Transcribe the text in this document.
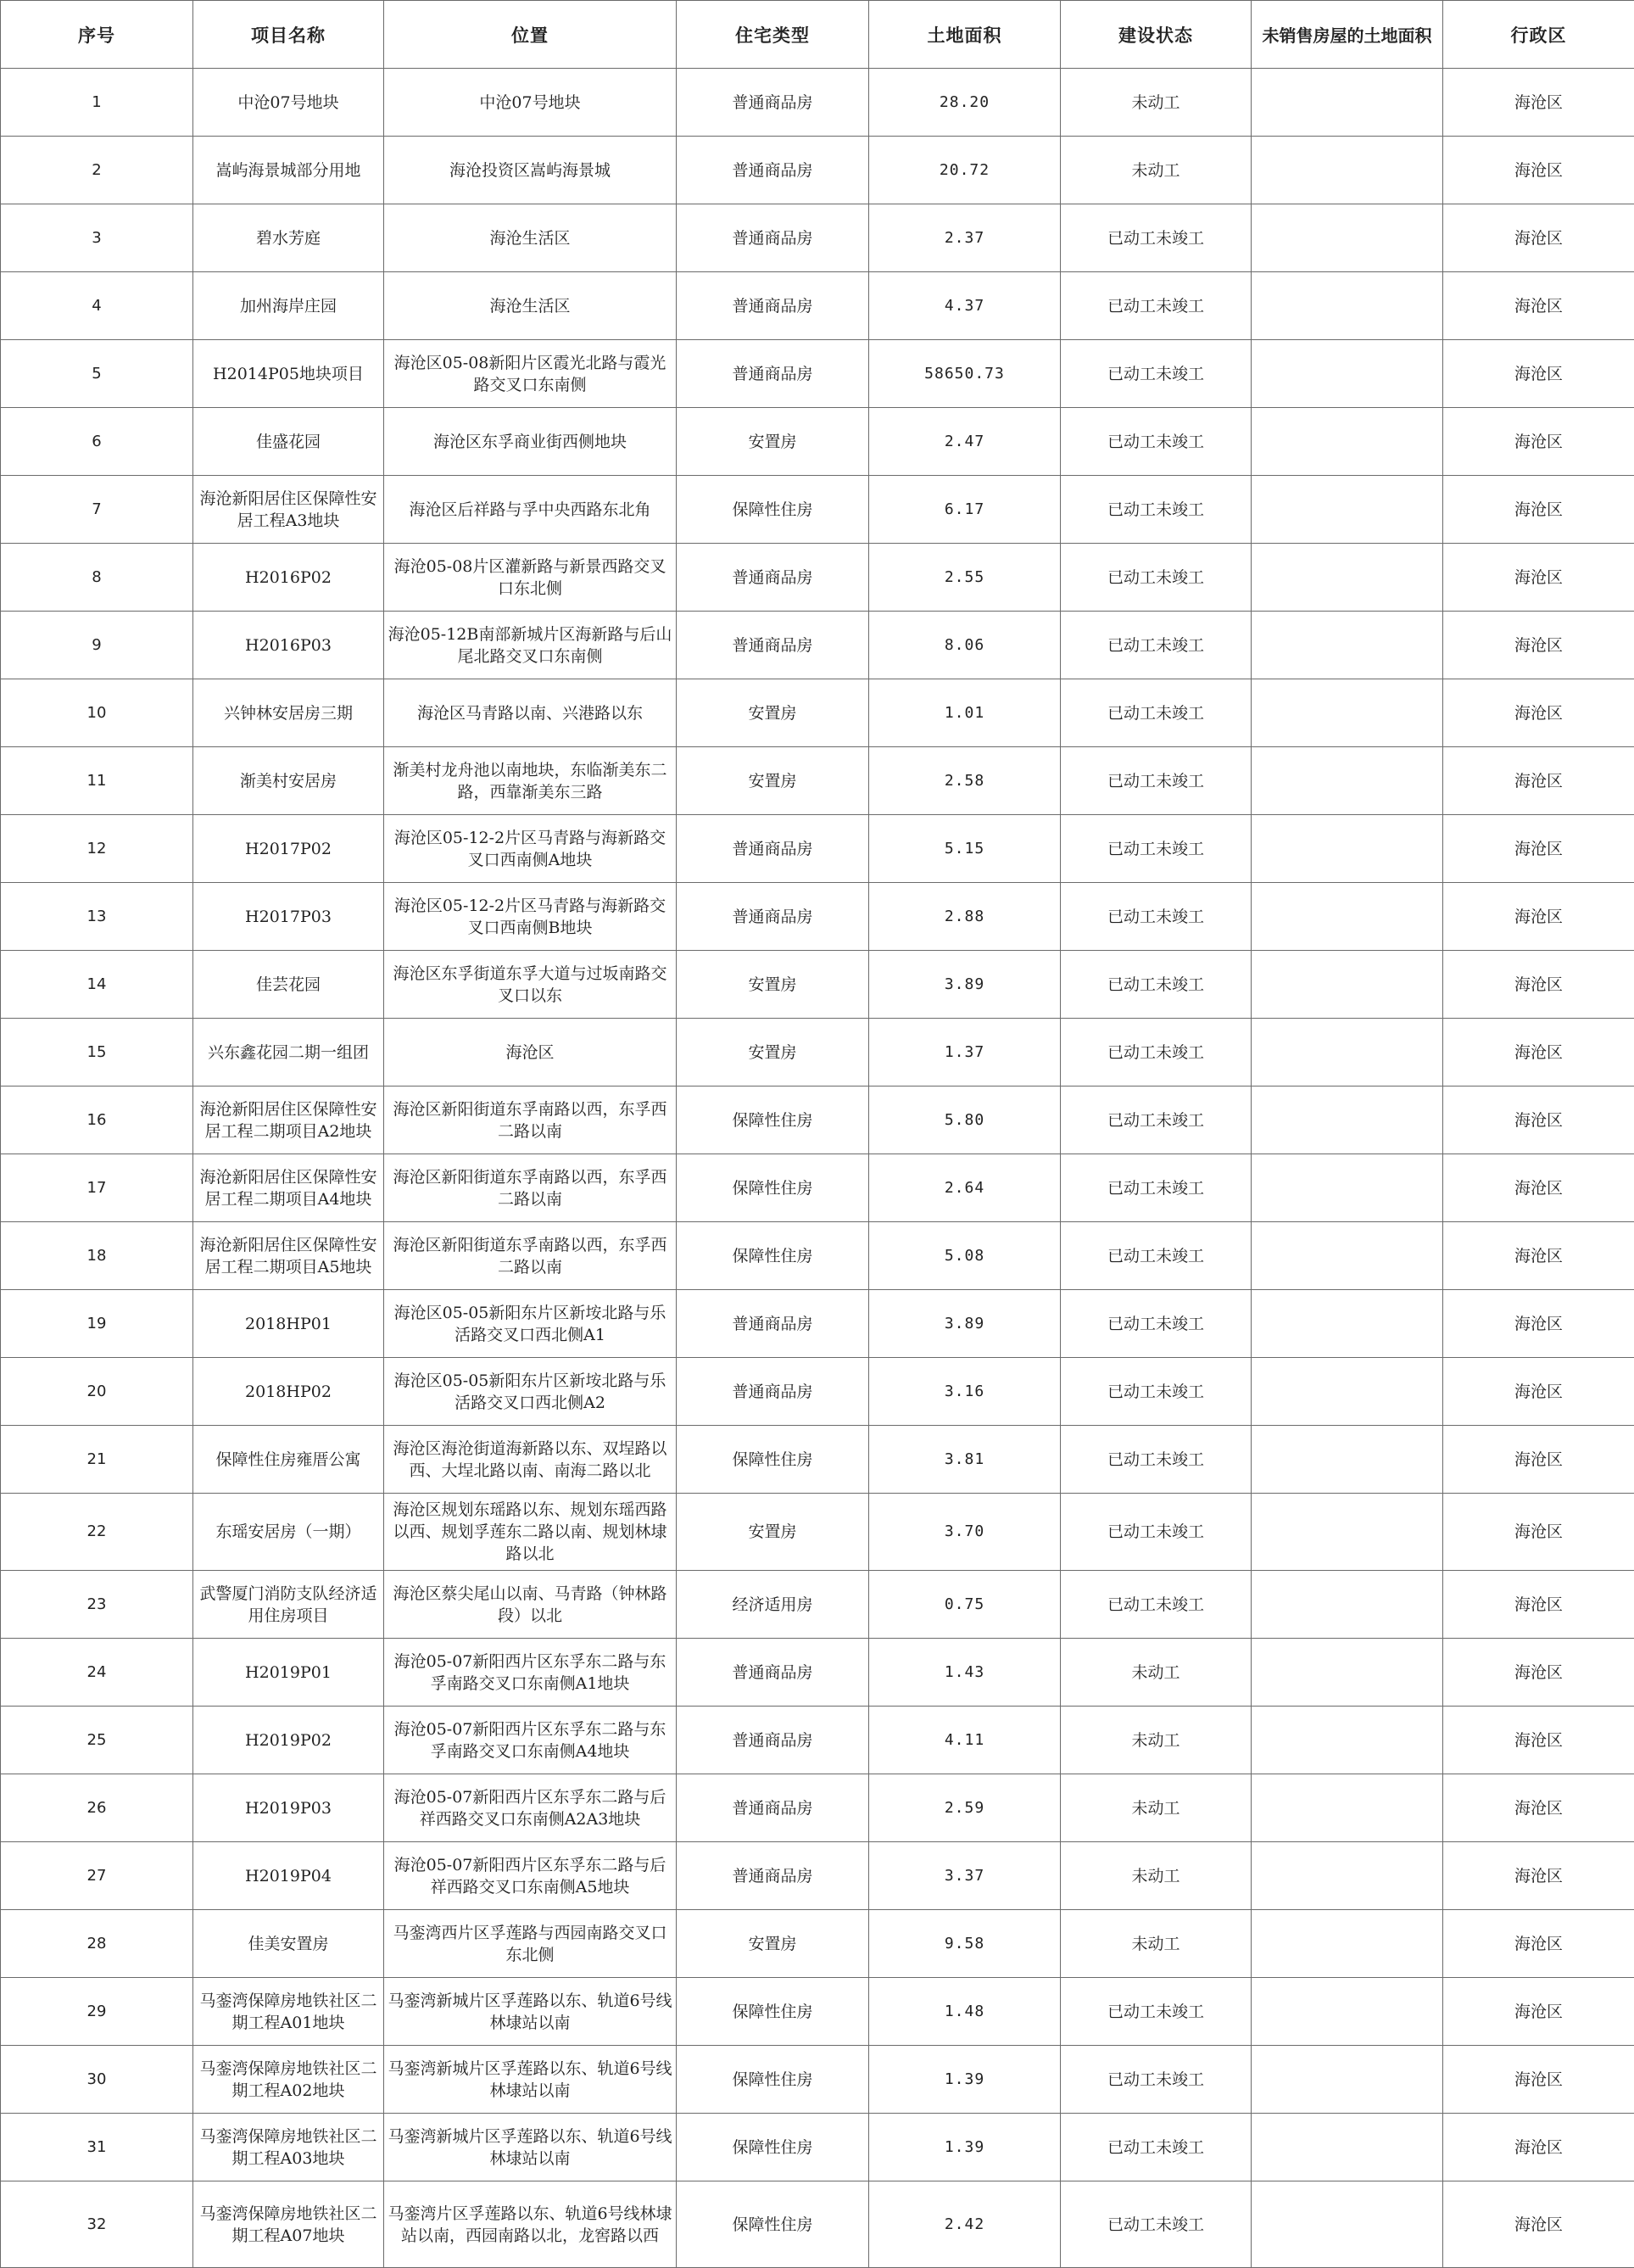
序号	项目名称	位置	住宅类型	土地面积	建设状态	未销售房屋的土地面积	行政区
1	中沧07号地块	中沧07号地块	普通商品房	28.20	未动工		海沧区
2	嵩屿海景城部分用地	海沧投资区嵩屿海景城	普通商品房	20.72	未动工		海沧区
3	碧水芳庭	海沧生活区	普通商品房	2.37	已动工未竣工		海沧区
4	加州海岸庄园	海沧生活区	普通商品房	4.37	已动工未竣工		海沧区
5	H2014P05地块项目	海沧区05-08新阳片区霞光北路与霞光路交叉口东南侧	普通商品房	58650.73	已动工未竣工		海沧区
6	佳盛花园	海沧区东孚商业街西侧地块	安置房	2.47	已动工未竣工		海沧区
7	海沧新阳居住区保障性安居工程A3地块	海沧区后祥路与孚中央西路东北角	保障性住房	6.17	已动工未竣工		海沧区
8	H2016P02	海沧05-08片区灌新路与新景西路交叉口东北侧	普通商品房	2.55	已动工未竣工		海沧区
9	H2016P03	海沧05-12B南部新城片区海新路与后山尾北路交叉口东南侧	普通商品房	8.06	已动工未竣工		海沧区
10	兴钟林安居房三期	海沧区马青路以南、兴港路以东	安置房	1.01	已动工未竣工		海沧区
11	渐美村安居房	渐美村龙舟池以南地块，东临渐美东二路，西靠渐美东三路	安置房	2.58	已动工未竣工		海沧区
12	H2017P02	海沧区05-12-2片区马青路与海新路交叉口西南侧A地块	普通商品房	5.15	已动工未竣工		海沧区
13	H2017P03	海沧区05-12-2片区马青路与海新路交叉口西南侧B地块	普通商品房	2.88	已动工未竣工		海沧区
14	佳芸花园	海沧区东孚街道东孚大道与过坂南路交叉口以东	安置房	3.89	已动工未竣工		海沧区
15	兴东鑫花园二期一组团	海沧区	安置房	1.37	已动工未竣工		海沧区
16	海沧新阳居住区保障性安居工程二期项目A2地块	海沧区新阳街道东孚南路以西，东孚西二路以南	保障性住房	5.80	已动工未竣工		海沧区
17	海沧新阳居住区保障性安居工程二期项目A4地块	海沧区新阳街道东孚南路以西，东孚西二路以南	保障性住房	2.64	已动工未竣工		海沧区
18	海沧新阳居住区保障性安居工程二期项目A5地块	海沧区新阳街道东孚南路以西，东孚西二路以南	保障性住房	5.08	已动工未竣工		海沧区
19	2018HP01	海沧区05-05新阳东片区新垵北路与乐活路交叉口西北侧A1	普通商品房	3.89	已动工未竣工		海沧区
20	2018HP02	海沧区05-05新阳东片区新垵北路与乐活路交叉口西北侧A2	普通商品房	3.16	已动工未竣工		海沧区
21	保障性住房雍厝公寓	海沧区海沧街道海新路以东、双埕路以西、大埕北路以南、南海二路以北	保障性住房	3.81	已动工未竣工		海沧区
22	东瑶安居房（一期）	海沧区规划东瑶路以东、规划东瑶西路以西、规划孚莲东二路以南、规划林埭路以北	安置房	3.70	已动工未竣工		海沧区
23	武警厦门消防支队经济适用住房项目	海沧区蔡尖尾山以南、马青路（钟林路段）以北	经济适用房	0.75	已动工未竣工		海沧区
24	H2019P01	海沧05-07新阳西片区东孚东二路与东孚南路交叉口东南侧A1地块	普通商品房	1.43	未动工		海沧区
25	H2019P02	海沧05-07新阳西片区东孚东二路与东孚南路交叉口东南侧A4地块	普通商品房	4.11	未动工		海沧区
26	H2019P03	海沧05-07新阳西片区东孚东二路与后祥西路交叉口东南侧A2A3地块	普通商品房	2.59	未动工		海沧区
27	H2019P04	海沧05-07新阳西片区东孚东二路与后祥西路交叉口东南侧A5地块	普通商品房	3.37	未动工		海沧区
28	佳美安置房	马銮湾西片区孚莲路与西园南路交叉口东北侧	安置房	9.58	未动工		海沧区
29	马銮湾保障房地铁社区二期工程A01地块	马銮湾新城片区孚莲路以东、轨道6号线林埭站以南	保障性住房	1.48	已动工未竣工		海沧区
30	马銮湾保障房地铁社区二期工程A02地块	马銮湾新城片区孚莲路以东、轨道6号线林埭站以南	保障性住房	1.39	已动工未竣工		海沧区
31	马銮湾保障房地铁社区二期工程A03地块	马銮湾新城片区孚莲路以东、轨道6号线林埭站以南	保障性住房	1.39	已动工未竣工		海沧区
32	马銮湾保障房地铁社区二期工程A07地块	马銮湾片区孚莲路以东、轨道6号线林埭站以南，西园南路以北，龙窖路以西	保障性住房	2.42	已动工未竣工		海沧区
